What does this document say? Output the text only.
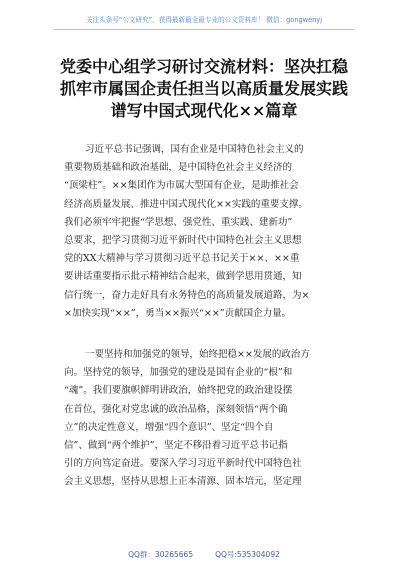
关注头条号“公文研究”，获得最新最全最专业的公文资料库！ 微信：gongwenyj
党委中心组学习研讨交流材料：坚决扛稳
抓牢市属国企责任担当以高质量发展实践
谱写中国式现代化××篇章
习近平总书记强调，国有企业是中国特色社会主义的
重要物质基础和政治基础，是中国特色社会主义经济的
“顶梁柱”。××集团作为市属大型国有企业，是助推社会
经济高质量发展、推进中国式现代化××实践的重要支撑。
我们必须牢牢把握“学思想、强党性、重实践、建新功”
总要求，把学习贯彻习近平新时代中国特色社会主义思想
党的XX大精神与学习贯彻习近平总书记关于××、××重
要讲话重要指示批示精神结合起来，做到学思用贯通，知
信行统一，奋力走好具有永务特色的高质量发展道路，为×
×加快实现“××”，勇当××振兴“××”贡献国企力量。
一要坚持和加强党的领导，始终把稳××发展的政治方
向。坚持党的领导，加强党的建设是国有企业的“根”和
“魂”。我们要旗帜鲜明讲政治，始终把党的政治建设摆
在首位，强化对党忠诚的政治品格，深刻领悟“两个确
立”的决定性意义，增强“四个意识”、坚定“四个自
信”、做到“两个维护”，坚定不移沿着习近平总书记指
引的方向笃定奋进。要深入学习习近平新时代中国特色社
会主义思想，坚持从思想上正本清源、固本培元，坚定理
QQ群：30265665	QQ号:535304092
